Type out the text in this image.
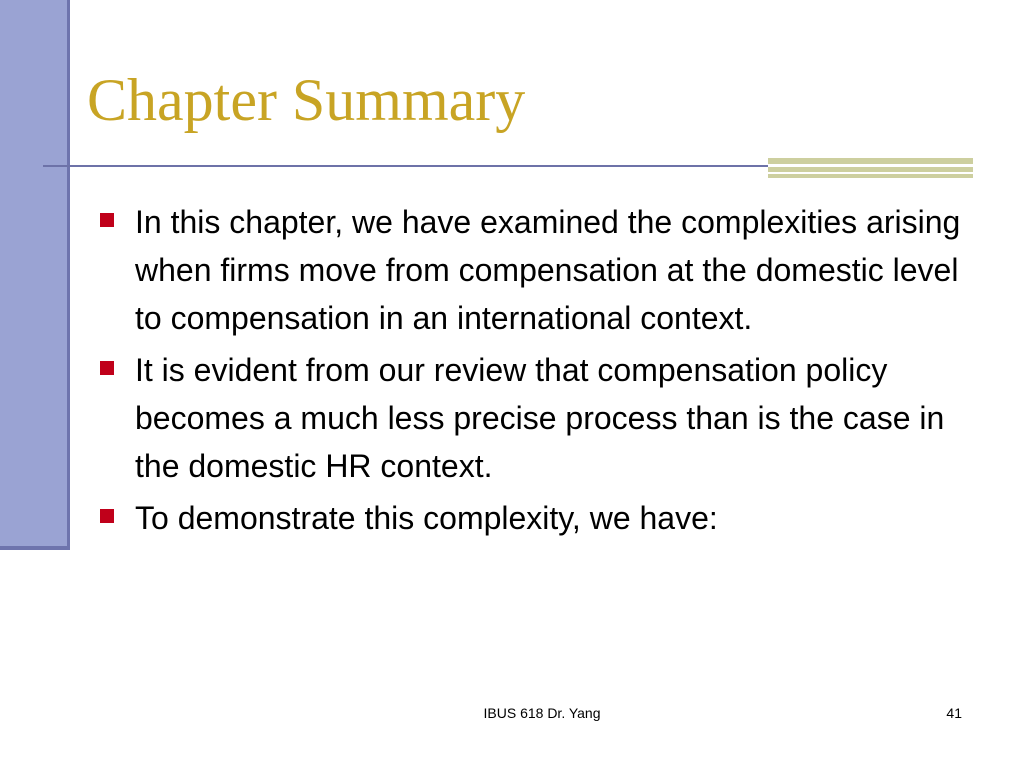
Chapter Summary
In this chapter, we have examined the complexities arising when firms move from compensation at the domestic level to compensation in an international context.
It is evident from our review that compensation policy becomes a much less precise process than is the case in the domestic HR context.
To demonstrate this complexity, we have:
IBUS 618 Dr. Yang	41
